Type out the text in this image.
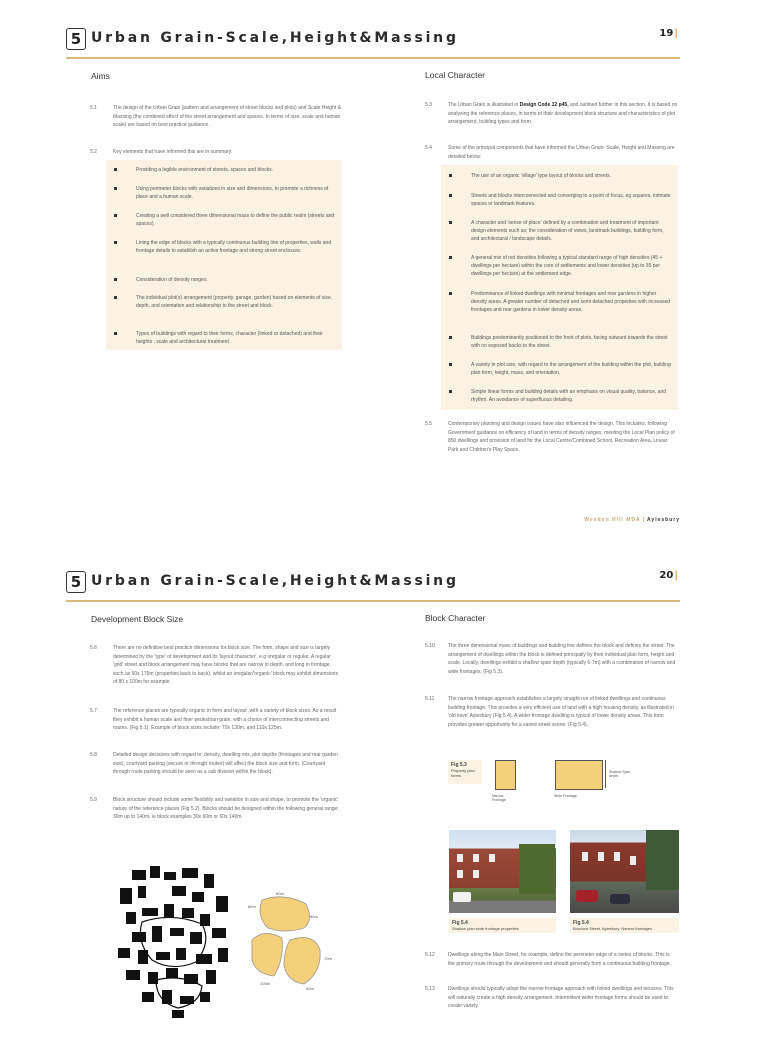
5 Urban Grain-Scale,Height&Massing	19|
Aims	Local Character
5.1	The design of the Urban Grain (pattern and arrangement of street blocks and plots) and Scale Height & Massing (the combined effect of the street arrangement and spaces. In terms of size, scale and human scale) are based on best practice guidance.
5.2	Key elements that have informed this are in summary:
Providing a legible environment of streets, spaces and blocks.
Using perimeter blocks with variations in size and dimensions, to promote a richness of place and a human scale.
Creating a well considered three dimensional mass to define the public realm (streets and spaces).
Lining the edge of blocks with a typically continuous building line of properties, walls and frontage details to establish an active frontage and strong street enclosure.
Consideration of density ranges.
The individual plot(s) arrangement (property, garage, garden) based on elements of size, depth, and orientation and relationship to the street and block.
Types of buildings with regard to their forms, character (linked or detached) and their heights , scale and architectural treatment
5.3	The Urban Grain is illustrated in Design Code 12 p45, and outlined further in this section. It is based on analysing the reference places, in terms of their development block structure and characteristics of plot arrangement, building types and form.
5.4	Some of the principal components that have informed the Urban Grain- Scale, Height and Massing are detailed below:
The use of an organic 'village' type layout of blocks and streets.
Streets and blocks interconnected and converging to a point of focus, eg squares, intimate spaces or landmark features.
A character and 'sense of place' defined by a combination and treatment of important design elements such as; the consideration of views, landmark buildings, building form, and architectural / landscape details.
A general mix of net densities following a typical standard range of high densities (45 + dwellings per hectare) within the core of settlements and lower densities (up to 35 per dwellings per hectare) at the settlement edge.
Predominance of linked dwellings with minimal frontages and rear gardens in higher density areas. A greater number of detached and semi detached properties with increased frontages and rear gardens in lower density areas.
Buildings predominantly positioned to the front of plots, facing outward towards the street with no exposed backs to the street.
A variety in plot size, with regard to the arrangement of the building within the plot, building plan form, height, mass, and orientation.
Simple linear forms and building details with an emphasis on visual quality, balance, and rhythm. An avoidance of superfluous detailing.
5.5	Contemporary planning and design issues have also influenced the design. This includes; following Government guidance on efficiency of land in terms of density ranges, meeting the Local Plan policy of 850 dwellings and provision of land for the Local Centre/Combined School, Recreation Area, Linear Park and Children's Play Space.
Weedon Hill MDA | Aylesbury
5 Urban Grain-Scale,Height&Massing	20|
Development Block Size	Block Character
5.6	There are no definitive best practice dimensions for block size. The form, shape and size is largely determined by the 'type' of development and its 'layout character', e.g irregular or regular. A regular 'grid' street and block arrangement may have blocks that are narrow in depth, and long in frontage, such as 60x 175m (properties back to back), whilst an irregular/'organic' block may exhibit dimensions of 80 x 100m for example.
5.7	The reference places are typically organic in form and layout ,with a variety of block sizes. As a result they exhibit a human scale and finer pedestrian grain, with a choice of interconnecting streets and routes. (Fig 5.1): Example of block sizes include; 70x 130m, and 110x 125m.
5.8	Detailed design decisions with regard to; density, dwelling mix, plot depths (frontages and rear garden size), courtyard parking (secure or through routes) will affect the block size and form. (Courtyard through route parking should be seen as a sub division within the block).
5.9	Block structure should include some flexibility and variation in size and shape, to promote the 'organic' nature of the reference places (Fig 5.2). Blocks should be designed within the following general range; 30m up to 140m, ie block examples 30x 60m or 60x 140m.
80m
80m
60m
70m
100m
40m
5.10	The three dimensional mass of buildings and building line defines the block and defines the street. The arrangement of dwellings within the block is defined principally by their individual plan form, height and scale. Locally, dwellings exhibit a shallow span depth (typically 6-7m) with a combination of narrow and wide frontages. (Fig 5.3).
5.11	The narrow frontage approach establishes a largely straight run of linked dwellings and continuous building frontage. This provides a very efficient use of land with a high housing density, as illustrated in 'old town' Aylesbury (Fig 5.4). A wider frontage dwelling is typical of lower density areas. This form provides greater opportunity for a varied street scene. (Fig 5.4).
Fig 5.3
Property plan forms
Narrow Frontage
Wide Frontage
Shallow Span depth
Fig 5.4
Shallow plan wide frontage properties
Fig 5.4
Bourbon Street, Aylesbury. Narrow frontages
5.12	Dwellings along the Main Street, for example, define the perimeter edge of a series of blocks. This is the primary route through the development and should generally form a continuous building frontage.
5.13	Dwellings should typically adopt the narrow frontage approach with linked dwellings and terraces. This will naturally create a high density arrangement. Intermittent wider frontage forms should be used to create variety.
